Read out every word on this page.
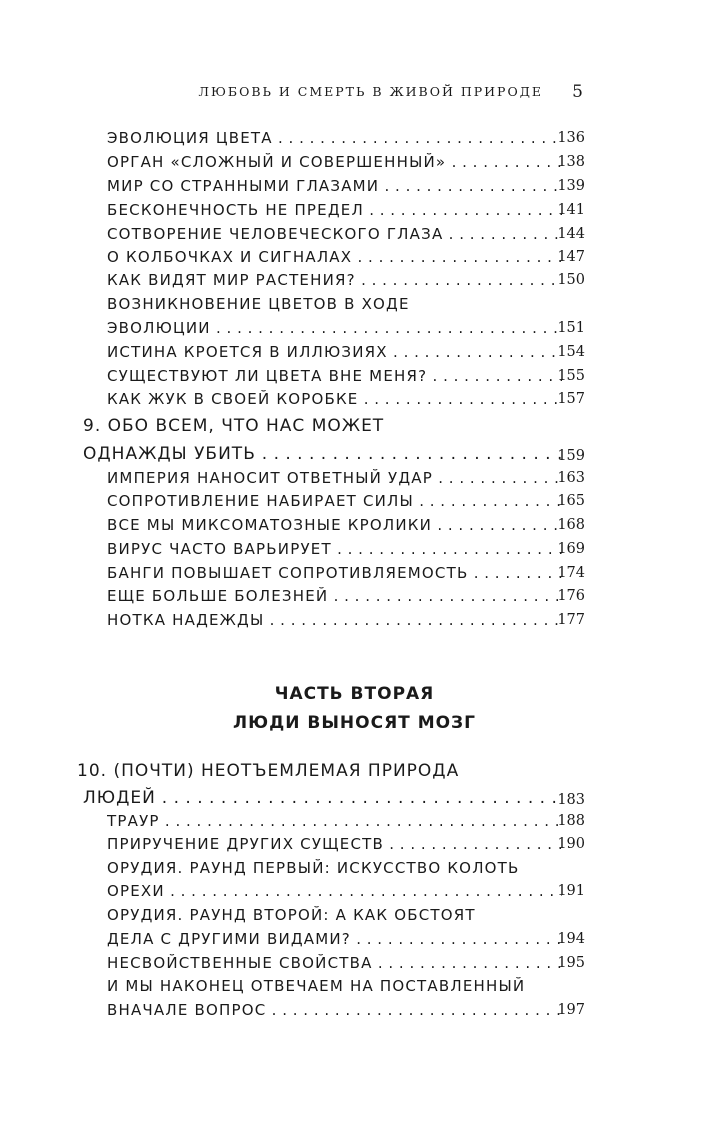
ЛЮБОВЬ И СМЕРТЬ В ЖИВОЙ ПРИРОДЕ 5
ЭВОЛЮЦИЯ ЦВЕТА . . .	136
ОРГАН «СЛОЖНЫЙ И СОВЕРШЕННЫЙ» . . .	138
МИР СО СТРАННЫМИ ГЛАЗАМИ . . .	139
БЕСКОНЕЧНОСТЬ НЕ ПРЕДЕЛ . . .	141
СОТВОРЕНИЕ ЧЕЛОВЕЧЕСКОГО ГЛАЗА . . .	144
О КОЛБОЧКАХ И СИГНАЛАХ . . .	147
КАК ВИДЯТ МИР РАСТЕНИЯ? . . .	150
ВОЗНИКНОВЕНИЕ ЦВЕТОВ В ХОДЕ
ЭВОЛЮЦИИ . . .	151
ИСТИНА КРОЕТСЯ В ИЛЛЮЗИЯХ . . .	154
СУЩЕСТВУЮТ ЛИ ЦВЕТА ВНЕ МЕНЯ? . . .	155
КАК ЖУК В СВОЕЙ КОРОБКЕ . . .	157
9. ОБО ВСЕМ, ЧТО НАС МОЖЕТ
ОДНАЖДЫ УБИТЬ . . .	159
ИМПЕРИЯ НАНОСИТ ОТВЕТНЫЙ УДАР . . .	163
СОПРОТИВЛЕНИЕ НАБИРАЕТ СИЛЫ . . .	165
ВСЕ МЫ МИКСОМАТОЗНЫЕ КРОЛИКИ . . .	168
ВИРУС ЧАСТО ВАРЬИРУЕТ . . .	169
БАНГИ ПОВЫШАЕТ СОПРОТИВЛЯЕМОСТЬ . . .	174
ЕЩЕ БОЛЬШЕ БОЛЕЗНЕЙ . . .	176
НОТКА НАДЕЖДЫ . . .	177
ЧАСТЬ ВТОРАЯ
ЛЮДИ ВЫНОСЯТ МОЗГ
10. (ПОЧТИ) НЕОТЪЕМЛЕМАЯ ПРИРОДА
ЛЮДЕЙ . . .	183
ТРАУР . . .	188
ПРИРУЧЕНИЕ ДРУГИХ СУЩЕСТВ . . .	190
ОРУДИЯ. РАУНД ПЕРВЫЙ: ИСКУССТВО КОЛОТЬ
ОРЕХИ . . .	191
ОРУДИЯ. РАУНД ВТОРОЙ: А КАК ОБСТОЯТ
ДЕЛА С ДРУГИМИ ВИДАМИ? . . .	194
НЕСВОЙСТВЕННЫЕ СВОЙСТВА . . .	195
И МЫ НАКОНЕЦ ОТВЕЧАЕМ НА ПОСТАВЛЕННЫЙ
ВНАЧАЛЕ ВОПРОС . . .	197
